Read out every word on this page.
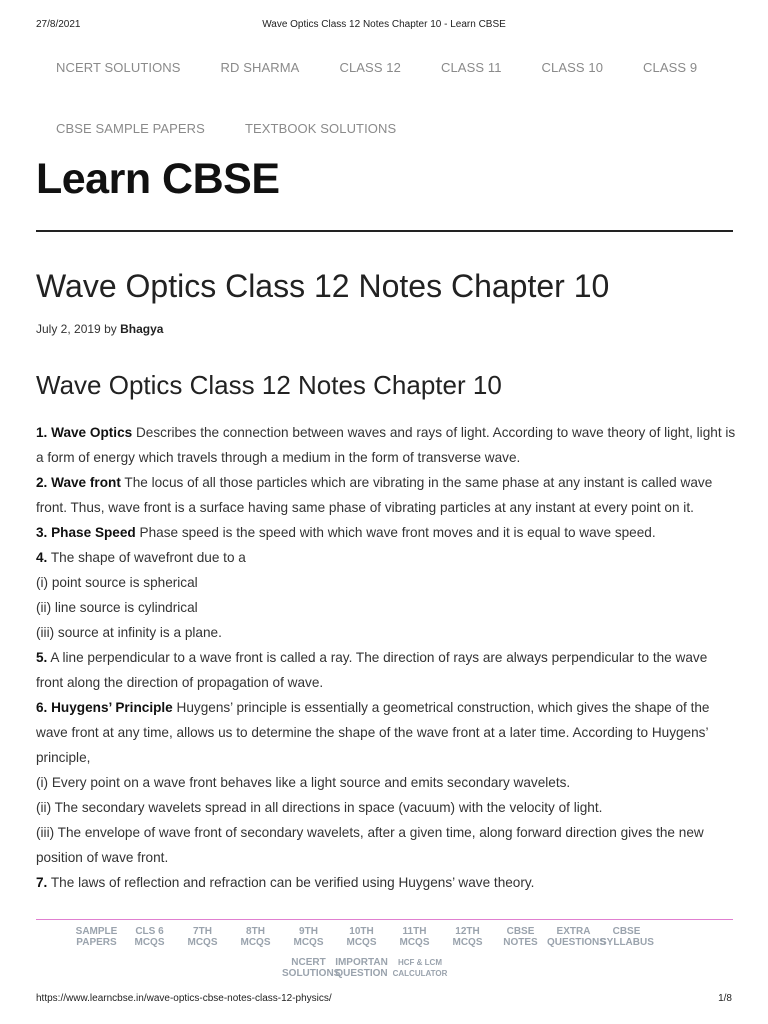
27/8/2021	Wave Optics Class 12 Notes Chapter 10 - Learn CBSE
NCERT SOLUTIONS	RD SHARMA	CLASS 12	CLASS 11	CLASS 10	CLASS 9
CBSE SAMPLE PAPERS	TEXTBOOK SOLUTIONS
Learn CBSE
Wave Optics Class 12 Notes Chapter 10
July 2, 2019 by Bhagya
Wave Optics Class 12 Notes Chapter 10

1. Wave Optics Describes the connection between waves and rays of light. According to wave theory of light, light is a form of energy which travels through a medium in the form of transverse wave.

2. Wave front The locus of all those particles which are vibrating in the same phase at any instant is called wave front. Thus, wave front is a surface having same phase of vibrating particles at any instant at every point on it.

3. Phase Speed Phase speed is the speed with which wave front moves and it is equal to wave speed.

4. The shape of wavefront due to a

(i) point source is spherical

(ii) line source is cylindrical

(iii) source at infinity is a plane.

5. A line perpendicular to a wave front is called a ray. The direction of rays are always perpendicular to the wave front along the direction of propagation of wave.

6. Huygens’ Principle Huygens’ principle is essentially a geometrical construction, which gives the shape of the wave front at any time, allows us to determine the shape of the wave front at a later time. According to Huygens’ principle,

(i) Every point on a wave front behaves like a light source and emits secondary wavelets.

(ii) The secondary wavelets spread in all directions in space (vacuum) with the velocity of light.

(iii) The envelope of wave front of secondary wavelets, after a given time, along forward direction gives the new position of wave front.

7. The laws of reflection and refraction can be verified using Huygens’ wave theory.

SAMPLE
PAPERS
CLS 6
MCQS
7TH
MCQS
8TH
MCQS
9TH
MCQS
10TH
MCQS
11TH
MCQS
12TH
MCQS
CBSE
NOTES
EXTRA
QUESTIONS
CBSE
SYLLABUS
NCERT
SOLUTIONS
IMPORTAN
QUESTION
HCF & LCM
CALCULATOR
https://www.learncbse.in/wave-optics-cbse-notes-class-12-physics/	1/8
